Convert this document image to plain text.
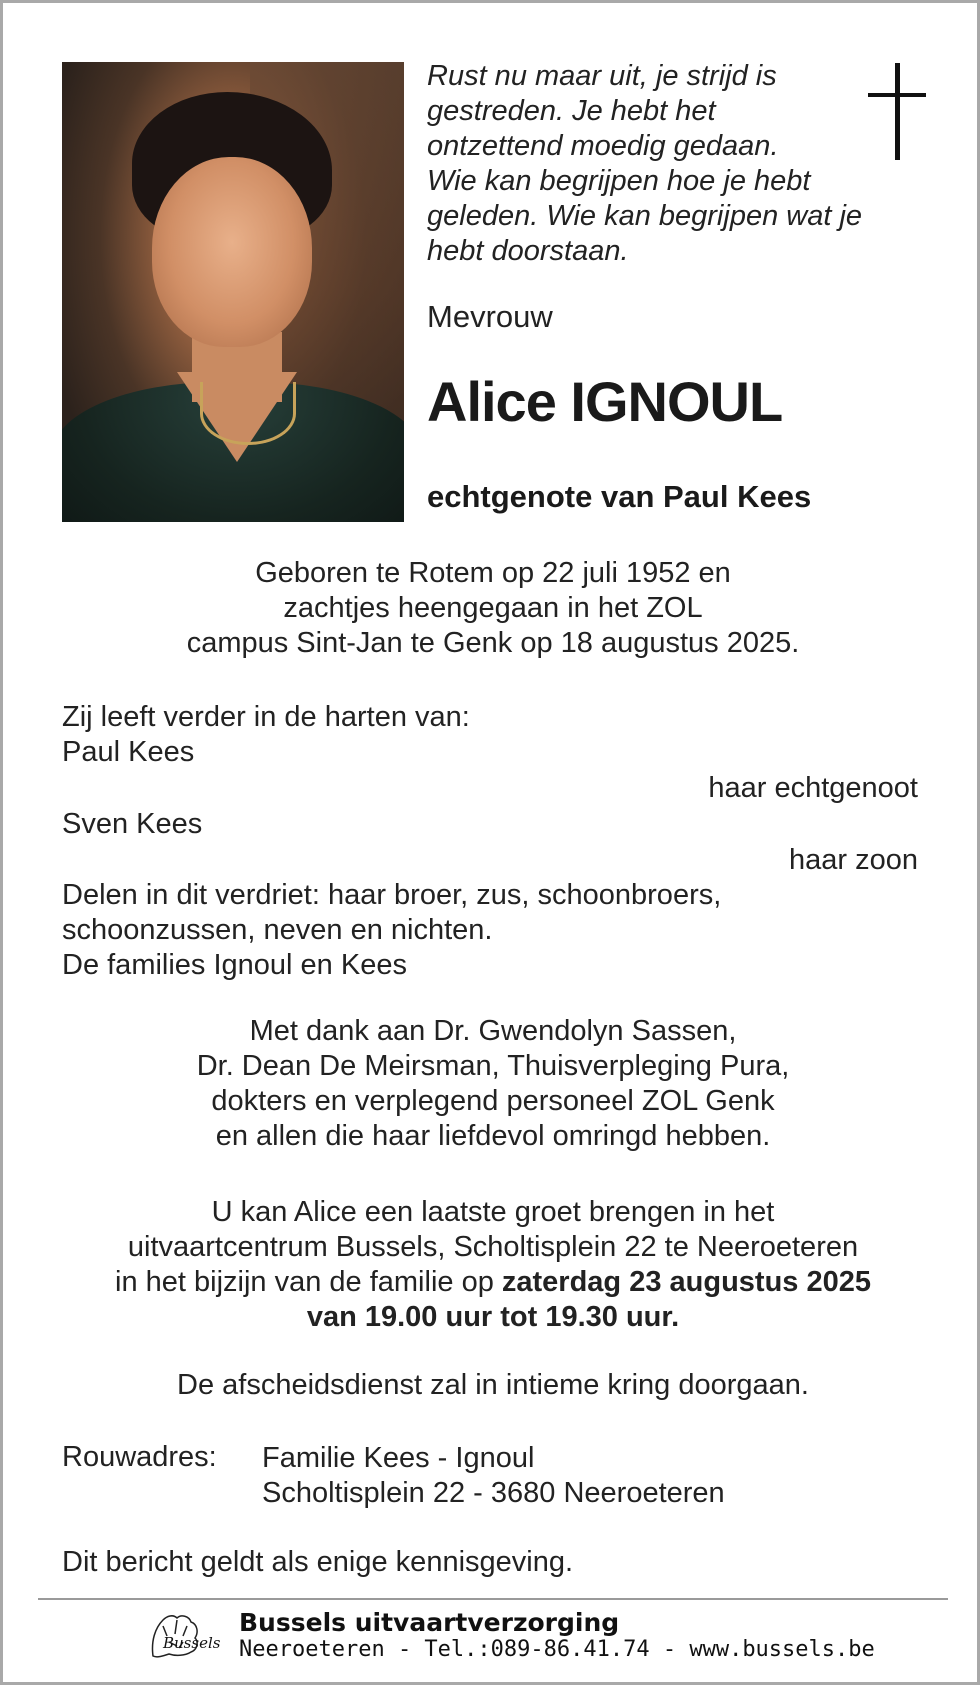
Rust nu maar uit, je strijd is
gestreden. Je hebt het
ontzettend moedig gedaan.
Wie kan begrijpen hoe je hebt
geleden. Wie kan begrijpen wat je
hebt doorstaan.
Mevrouw
Alice IGNOUL
echtgenote van Paul Kees
Geboren te Rotem op 22 juli 1952 en
zachtjes heengegaan in het ZOL
campus Sint-Jan te Genk op 18 augustus 2025.
Zij leeft verder in de harten van:
Paul Kees
haar echtgenoot
Sven Kees
haar zoon
Delen in dit verdriet: haar broer, zus, schoonbroers,
schoonzussen, neven en nichten.
De families Ignoul en Kees
Met dank aan Dr. Gwendolyn Sassen,
Dr. Dean De Meirsman, Thuisverpleging Pura,
dokters en verplegend personeel ZOL Genk
en allen die haar liefdevol omringd hebben.
U kan Alice een laatste groet brengen in het
uitvaartcentrum Bussels, Scholtisplein 22 te Neeroeteren
in het bijzijn van de familie op zaterdag 23 augustus 2025
van 19.00 uur tot 19.30 uur.
De afscheidsdienst zal in intieme kring doorgaan.
Rouwadres: Familie Kees - Ignoul
Scholtisplein 22 - 3680 Neeroeteren
Dit bericht geldt als enige kennisgeving.
Bussels
Bussels uitvaartverzorging
Neeroeteren - Tel.:089-86.41.74 - www.bussels.be
